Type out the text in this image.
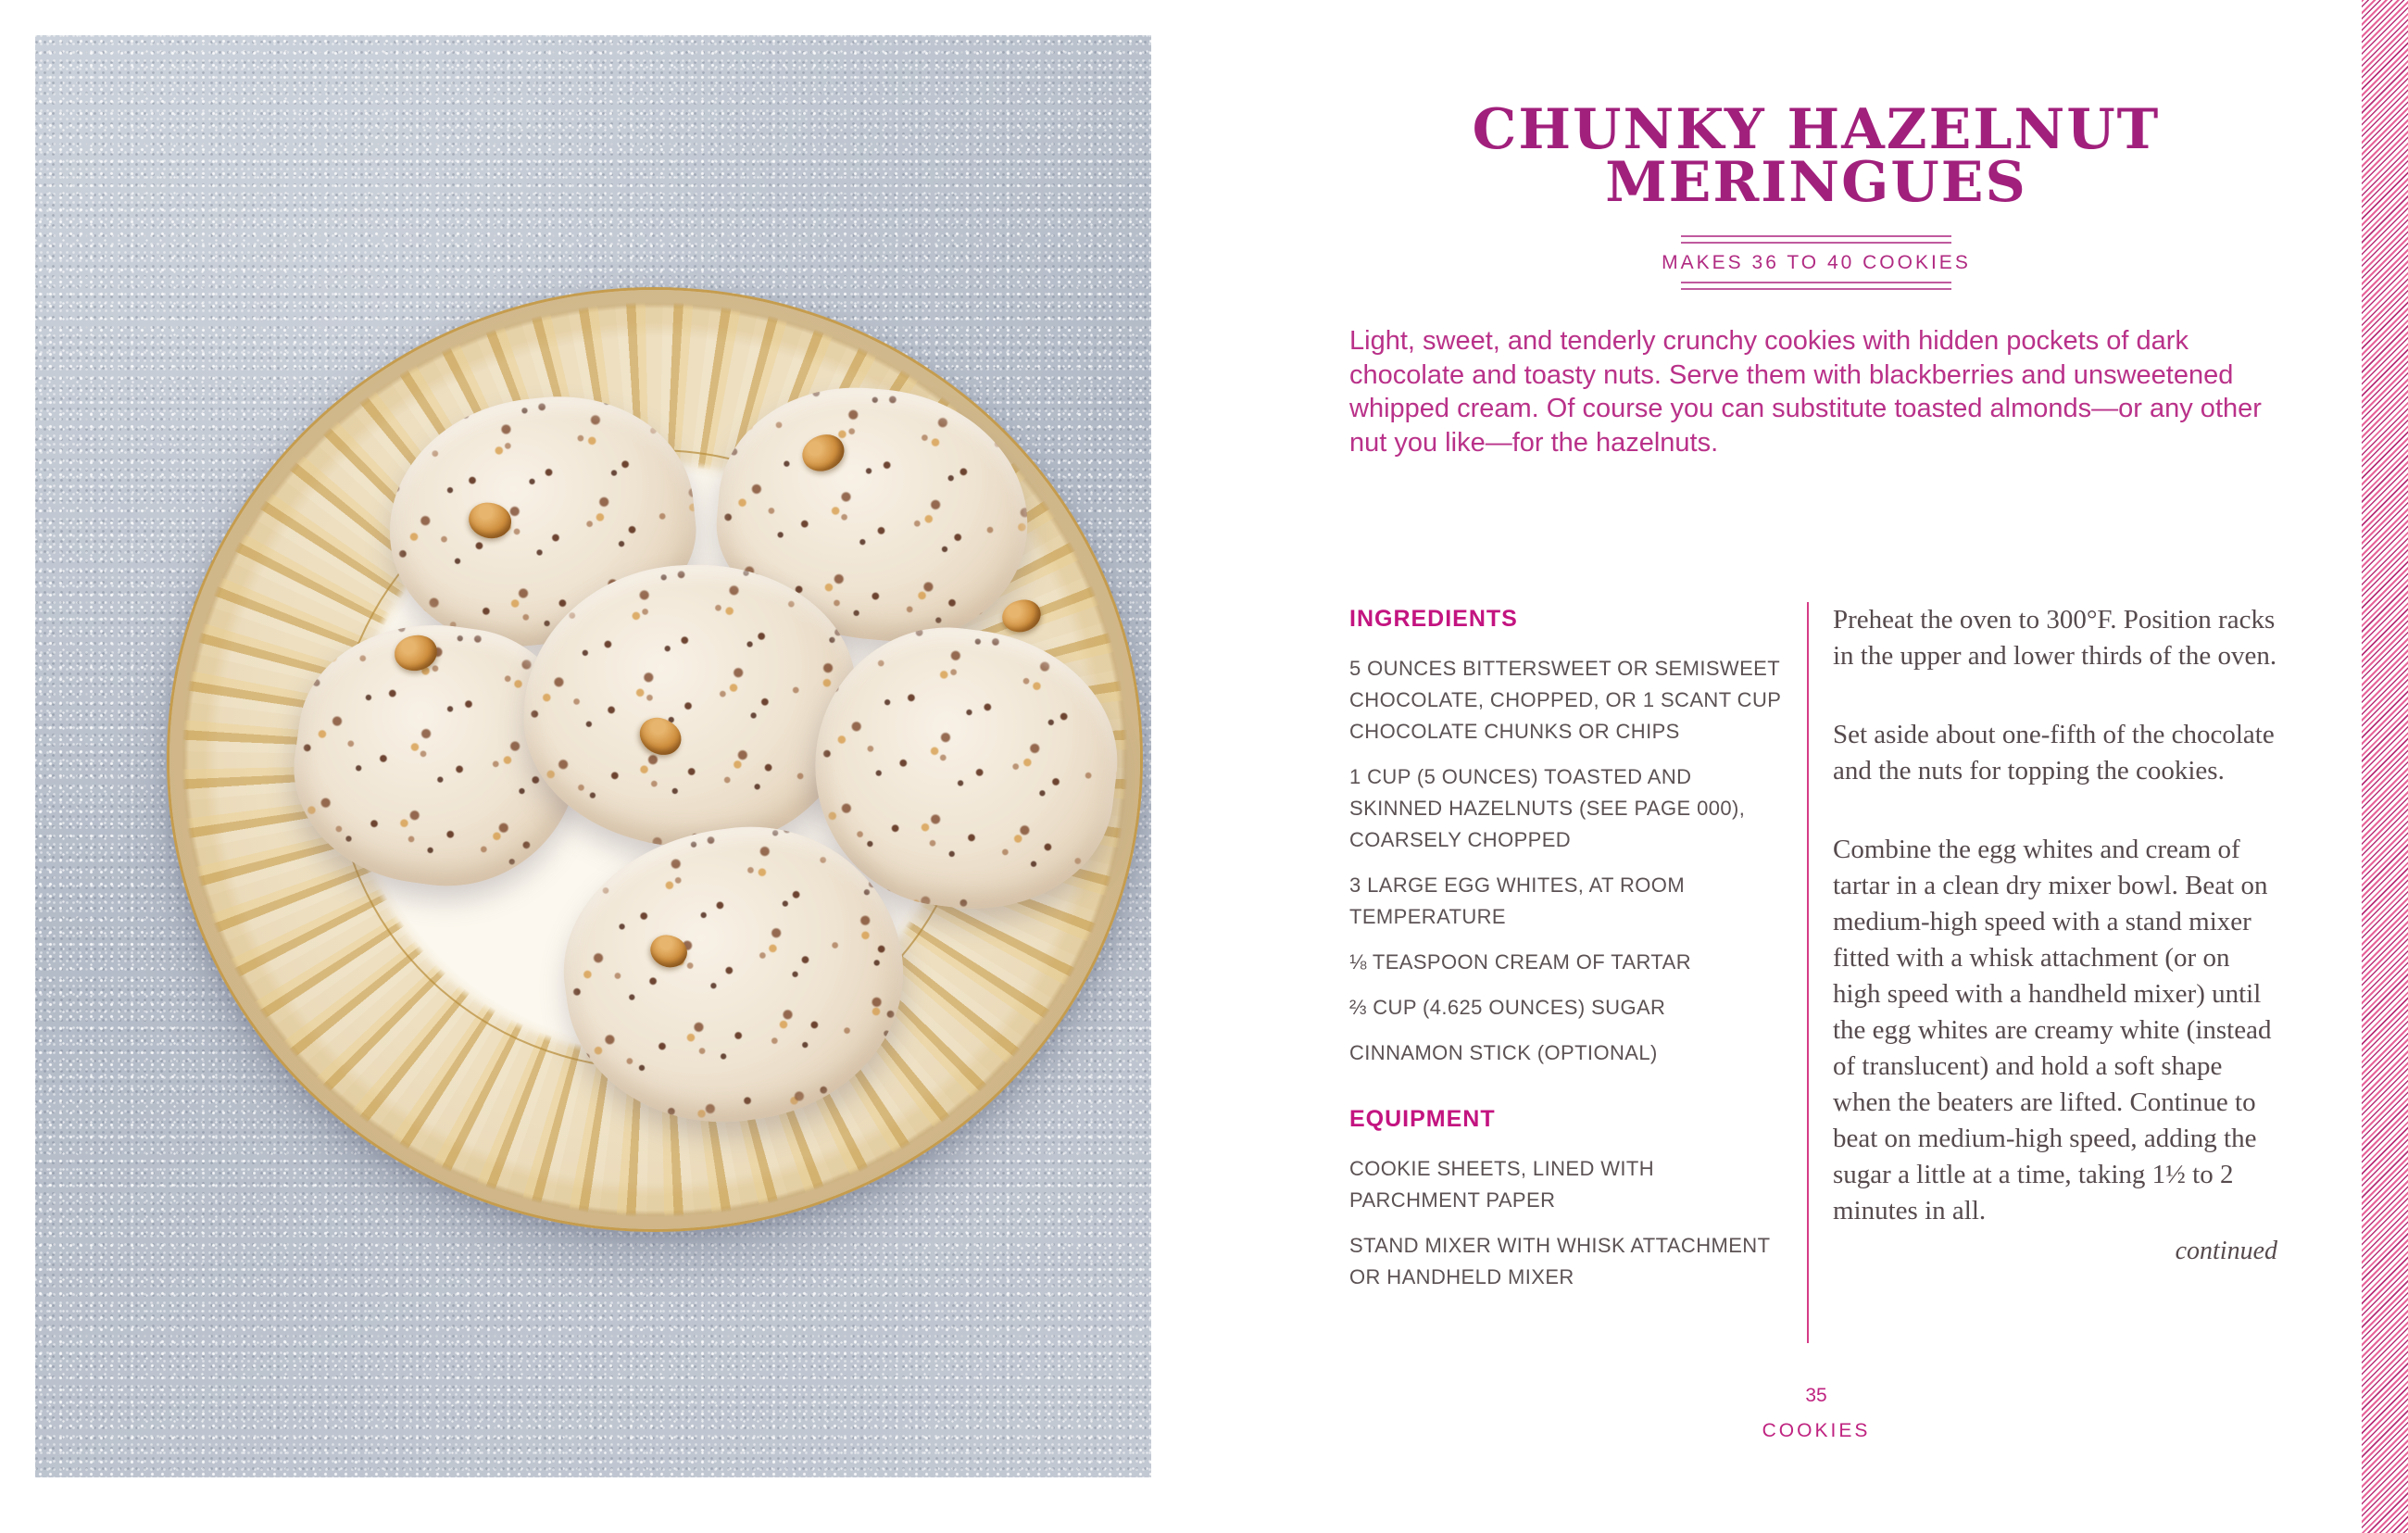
CHUNKY HAZELNUT
MERINGUES
MAKES 36 TO 40 COOKIES
Light, sweet, and tenderly crunchy cookies with hidden pockets of dark chocolate and toasty nuts. Serve them with blackberries and unsweetened whipped cream. Of course you can substitute toasted almonds—or any other nut you like—for the hazelnuts.
INGREDIENTS

5 OUNCES BITTERSWEET OR SEMISWEET CHOCOLATE, CHOPPED, OR 1 SCANT CUP CHOCOLATE CHUNKS OR CHIPS

1 CUP (5 OUNCES) TOASTED AND SKINNED HAZELNUTS (SEE PAGE 000), COARSELY CHOPPED

3 LARGE EGG WHITES, AT ROOM TEMPERATURE

⅛ TEASPOON CREAM OF TARTAR

⅔ CUP (4.625 OUNCES) SUGAR

CINNAMON STICK (OPTIONAL)

EQUIPMENT

COOKIE SHEETS, LINED WITH PARCHMENT PAPER

STAND MIXER WITH WHISK ATTACHMENT OR HANDHELD MIXER

Preheat the oven to 300°F. Position racks in the upper and lower thirds of the oven.

Set aside about one-fifth of the chocolate and the nuts for topping the cookies.

Combine the egg whites and cream of tartar in a clean dry mixer bowl. Beat on medium-high speed with a stand mixer fitted with a whisk attachment (or on high speed with a handheld mixer) until the egg whites are creamy white (instead of translucent) and hold a soft shape when the beaters are lifted. Continue to beat on medium-high speed, adding the sugar a little at a time, taking 1½ to 2 minutes in all.

continued
35
COOKIES
